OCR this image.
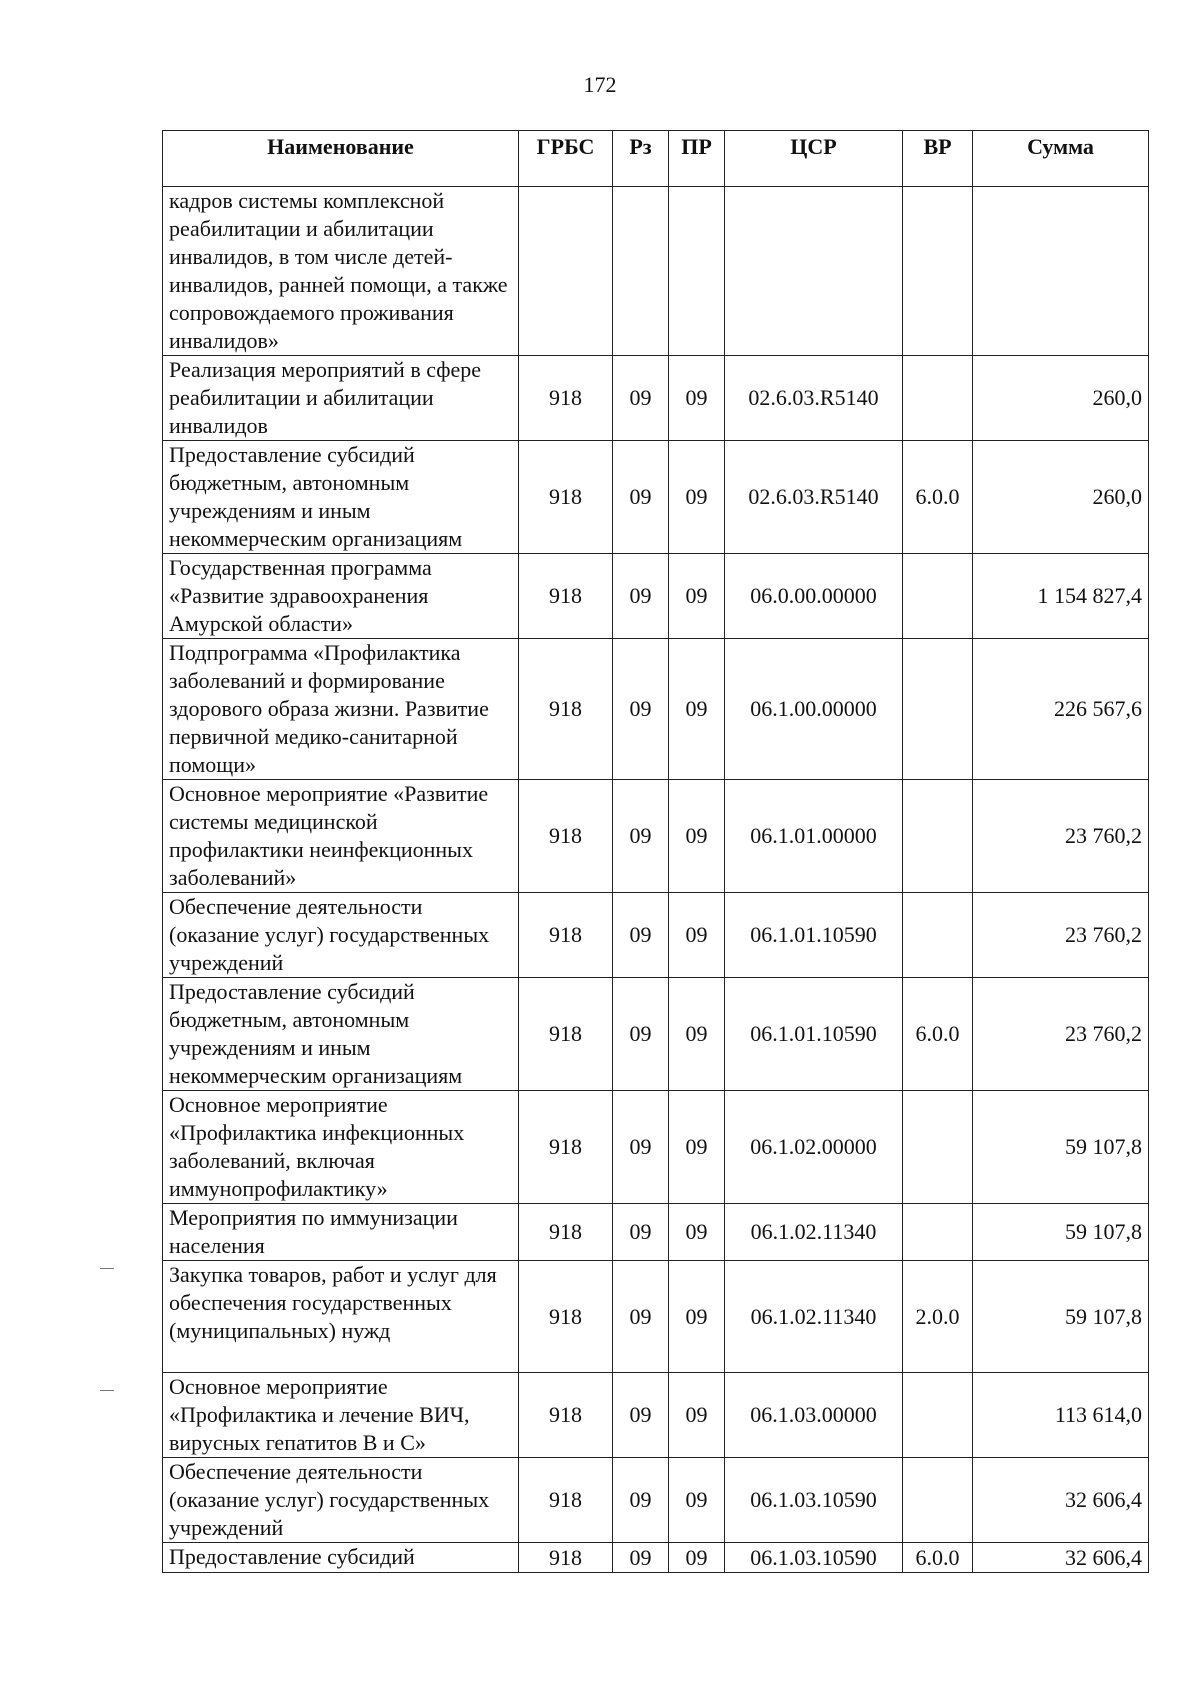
172
Наименование	ГРБС	Рз	ПР	ЦСР	ВР	Сумма
кадров системы комплексной реабилитации и абилитации инвалидов, в том числе детей-инвалидов, ранней помощи, а также сопровождаемого проживания инвалидов»						
Реализация мероприятий в сфере реабилитации и абилитации инвалидов	918	09	09	02.6.03.R5140		260,0
Предоставление субсидий бюджетным, автономным учреждениям и иным некоммерческим организациям	918	09	09	02.6.03.R5140	6.0.0	260,0
Государственная программа «Развитие здравоохранения Амурской области»	918	09	09	06.0.00.00000		1 154 827,4
Подпрограмма «Профилактика заболеваний и формирование здорового образа жизни. Развитие первичной медико-санитарной помощи»	918	09	09	06.1.00.00000		226 567,6
Основное мероприятие «Развитие системы медицинской профилактики неинфекционных заболеваний»	918	09	09	06.1.01.00000		23 760,2
Обеспечение деятельности (оказание услуг) государственных учреждений	918	09	09	06.1.01.10590		23 760,2
Предоставление субсидий бюджетным, автономным учреждениям и иным некоммерческим организациям	918	09	09	06.1.01.10590	6.0.0	23 760,2
Основное мероприятие «Профилактика инфекционных заболеваний, включая иммунопрофилактику»	918	09	09	06.1.02.00000		59 107,8
Мероприятия по иммунизации населения	918	09	09	06.1.02.11340		59 107,8
Закупка товаров, работ и услуг для обеспечения государственных (муниципальных) нужд	918	09	09	06.1.02.11340	2.0.0	59 107,8
Основное мероприятие «Профилактика и лечение ВИЧ, вирусных гепатитов В и С»	918	09	09	06.1.03.00000		113 614,0
Обеспечение деятельности (оказание услуг) государственных учреждений	918	09	09	06.1.03.10590		32 606,4
Предоставление субсидий	918	09	09	06.1.03.10590	6.0.0	32 606,4
